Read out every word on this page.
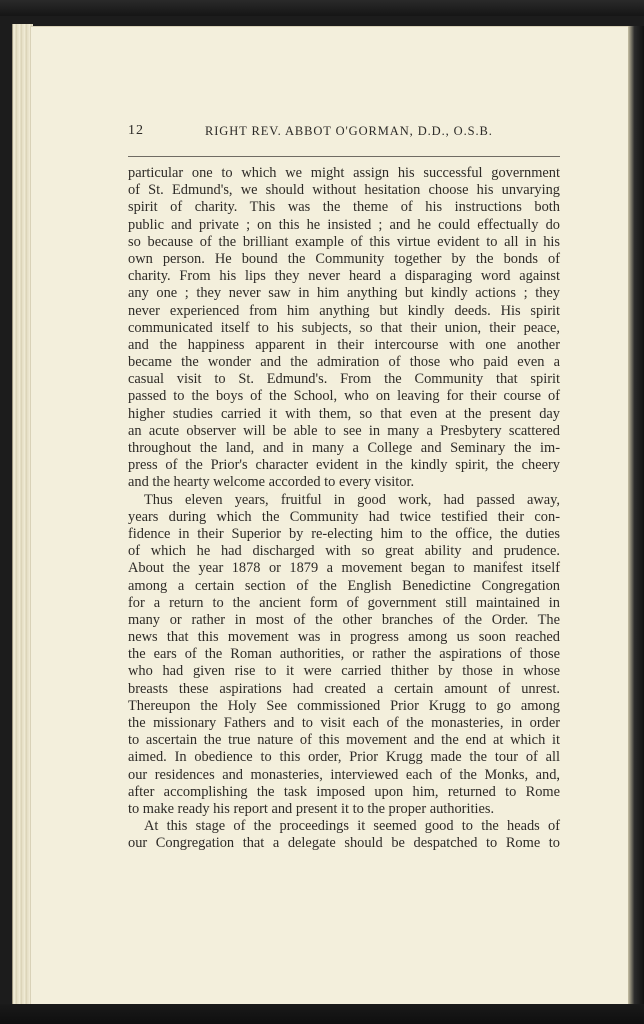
12	RIGHT REV. ABBOT O'GORMAN, D.D., O.S.B.
particular one to which we might assign his successful government
of St. Edmund's, we should without hesitation choose his unvarying
spirit of charity. This was the theme of his instructions both
public and private ; on this he insisted ; and he could effectually do
so because of the brilliant example of this virtue evident to all in his
own person. He bound the Community together by the bonds of
charity. From his lips they never heard a disparaging word against
any one ; they never saw in him anything but kindly actions ; they
never experienced from him anything but kindly deeds. His spirit
communicated itself to his subjects, so that their union, their peace,
and the happiness apparent in their intercourse with one another
became the wonder and the admiration of those who paid even a
casual visit to St. Edmund's. From the Community that spirit
passed to the boys of the School, who on leaving for their course of
higher studies carried it with them, so that even at the present day
an acute observer will be able to see in many a Presbytery scattered
throughout the land, and in many a College and Seminary the im-
press of the Prior's character evident in the kindly spirit, the cheery
and the hearty welcome accorded to every visitor.
Thus eleven years, fruitful in good work, had passed away,
years during which the Community had twice testified their con-
fidence in their Superior by re-electing him to the office, the duties
of which he had discharged with so great ability and prudence.
About the year 1878 or 1879 a movement began to manifest itself
among a certain section of the English Benedictine Congregation
for a return to the ancient form of government still maintained in
many or rather in most of the other branches of the Order. The
news that this movement was in progress among us soon reached
the ears of the Roman authorities, or rather the aspirations of those
who had given rise to it were carried thither by those in whose
breasts these aspirations had created a certain amount of unrest.
Thereupon the Holy See commissioned Prior Krugg to go among
the missionary Fathers and to visit each of the monasteries, in order
to ascertain the true nature of this movement and the end at which it
aimed. In obedience to this order, Prior Krugg made the tour of all
our residences and monasteries, interviewed each of the Monks, and,
after accomplishing the task imposed upon him, returned to Rome
to make ready his report and present it to the proper authorities.
At this stage of the proceedings it seemed good to the heads of
our Congregation that a delegate should be despatched to Rome to
